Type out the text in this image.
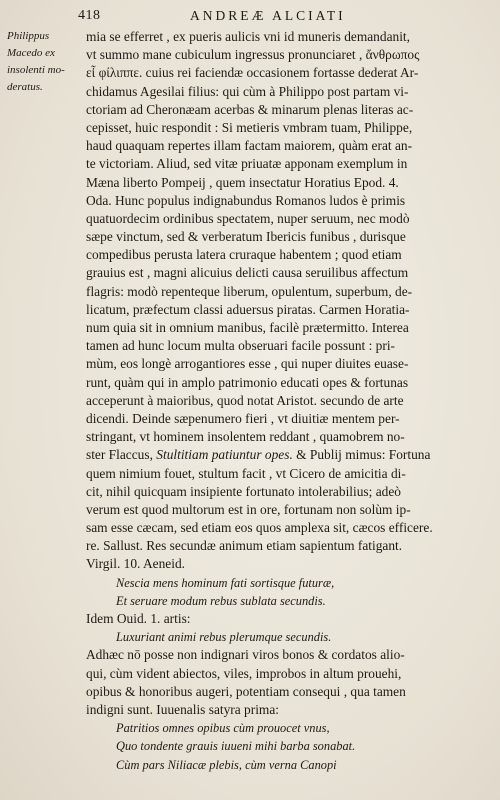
418	ANDREÆ ALCIATI
Philippus
Macedo ex
insolenti mo-
deratus.
mia se efferret , ex pueris aulicis vni id muneris demandanit,
vt summo mane cubiculum ingressus pronunciaret , ἄνθρωπος
εἶ φίλιππε. cuius rei faciendæ occasionem fortasse dederat Ar-
chidamus Agesilai filius: qui cùm à Philippo post partam vi-
ctoriam ad Cheronæam acerbas & minarum plenas literas ac-
cepisset, huic respondit : Si metieris vmbram tuam, Philippe,
haud quaquam repertes illam factam maiorem, quàm erat an-
te victoriam. Aliud, sed vitæ priuatæ apponam exemplum in
Mæna liberto Pompeij , quem insectatur Horatius Epod. 4.
Oda. Hunc populus indignabundus Romanos ludos è primis
quatuordecim ordinibus spectatem, nuper seruum, nec modò
sæpe vinctum, sed & verberatum Ibericis funibus , durisque
compedibus perusta latera cruraque habentem ; quod etiam
grauius est , magni alicuius delicti causa seruilibus affectum
flagris: modò repenteque liberum, opulentum, superbum, de-
licatum, præfectum classi aduersus piratas. Carmen Horatia-
num quia sit in omnium manibus, facilè prætermitto. Interea
tamen ad hunc locum multa obseruari facile possunt : pri-
mùm, eos longè arrogantiores esse , qui nuper diuites euase-
runt, quàm qui in amplo patrimonio educati opes & fortunas
acceperunt à maioribus, quod notat Aristot. secundo de arte
dicendi. Deinde sæpenumero fieri , vt diuitiæ mentem per-
stringant, vt hominem insolentem reddant , quamobrem no-
ster Flaccus, Stultitiam patiuntur opes. & Publij mimus: Fortuna
quem nimium fouet, stultum facit , vt Cicero de amicitia di-
cit, nihil quicquam insipiente fortunato intolerabilius; adeò
verum est quod multorum est in ore, fortunam non solùm ip-
sam esse cæcam, sed etiam eos quos amplexa sit, cæcos efficere.
re. Sallust. Res secundæ animum etiam sapientum fatigant.
Virgil. 10. Aeneid.
Nescia mens hominum fati sortisque futuræ,
Et seruare modum rebus sublata secundis.
Idem Ouid. 1. artis:
Luxuriant animi rebus plerumque secundis.
Adhæc nō posse non indignari viros bonos & cordatos alio-
qui, cùm vident abiectos, viles, improbos in altum prouehi,
opibus & honoribus augeri, potentiam consequi , qua tamen
indigni sunt. Iuuenalis satyra prima:
Patritios omnes opibus cùm prouocet vnus,
Quo tondente grauis iuueni mihi barba sonabat.
Cùm pars Niliacæ plebis, cùm verna Canopi
